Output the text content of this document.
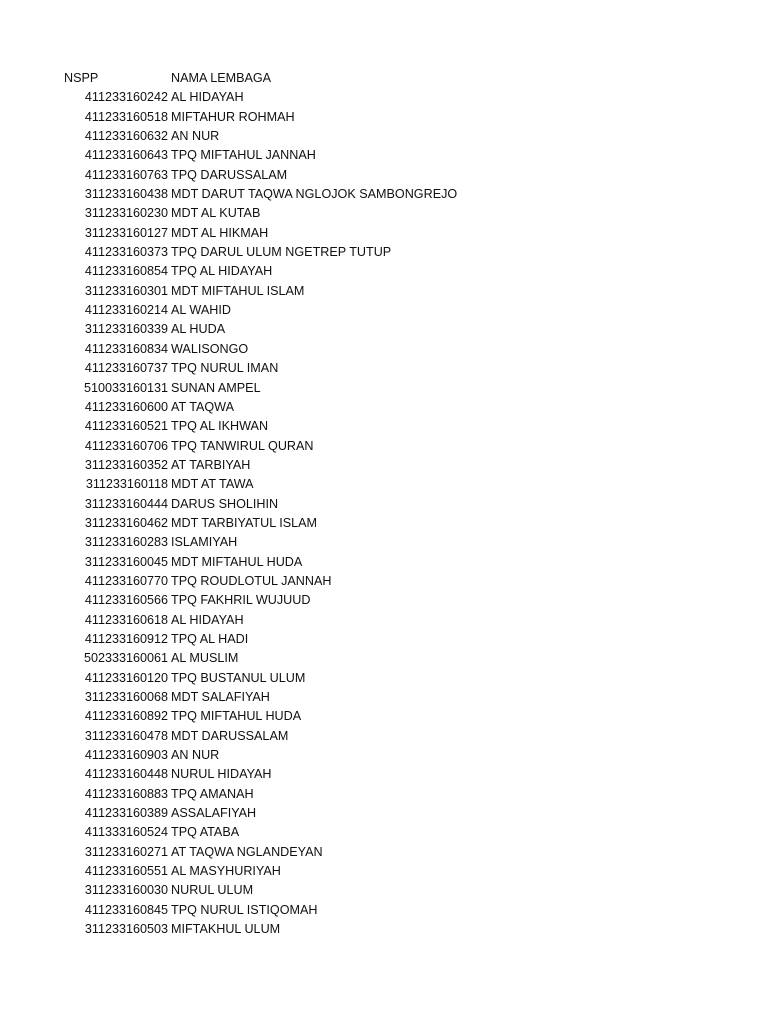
NSPP	NAMA LEMBAGA
411233160242 AL HIDAYAH
411233160518 MIFTAHUR ROHMAH
411233160632 AN NUR
411233160643 TPQ MIFTAHUL JANNAH
411233160763 TPQ DARUSSALAM
311233160438 MDT DARUT TAQWA NGLOJOK SAMBONGREJO
311233160230 MDT AL KUTAB
311233160127 MDT AL HIKMAH
411233160373 TPQ DARUL ULUM NGETREP TUTUP
411233160854 TPQ AL HIDAYAH
311233160301 MDT MIFTAHUL ISLAM
411233160214 AL WAHID
311233160339 AL HUDA
411233160834 WALISONGO
411233160737 TPQ NURUL IMAN
510033160131 SUNAN AMPEL
411233160600 AT TAQWA
411233160521 TPQ AL IKHWAN
411233160706 TPQ TANWIRUL QURAN
311233160352 AT TARBIYAH
311233160118 MDT AT TAWA
311233160444 DARUS SHOLIHIN
311233160462 MDT TARBIYATUL ISLAM
311233160283 ISLAMIYAH
311233160045 MDT MIFTAHUL HUDA
411233160770 TPQ ROUDLOTUL JANNAH
411233160566 TPQ FAKHRIL WUJUUD
411233160618 AL HIDAYAH
411233160912 TPQ AL HADI
502333160061 AL MUSLIM
411233160120 TPQ BUSTANUL ULUM
311233160068 MDT SALAFIYAH
411233160892 TPQ MIFTAHUL HUDA
311233160478 MDT DARUSSALAM
411233160903 AN NUR
411233160448 NURUL HIDAYAH
411233160883 TPQ AMANAH
411233160389 ASSALAFIYAH
411333160524 TPQ ATABA
311233160271 AT TAQWA NGLANDEYAN
411233160551 AL MASYHURIYAH
311233160030 NURUL ULUM
411233160845 TPQ NURUL ISTIQOMAH
311233160503 MIFTAKHUL ULUM
